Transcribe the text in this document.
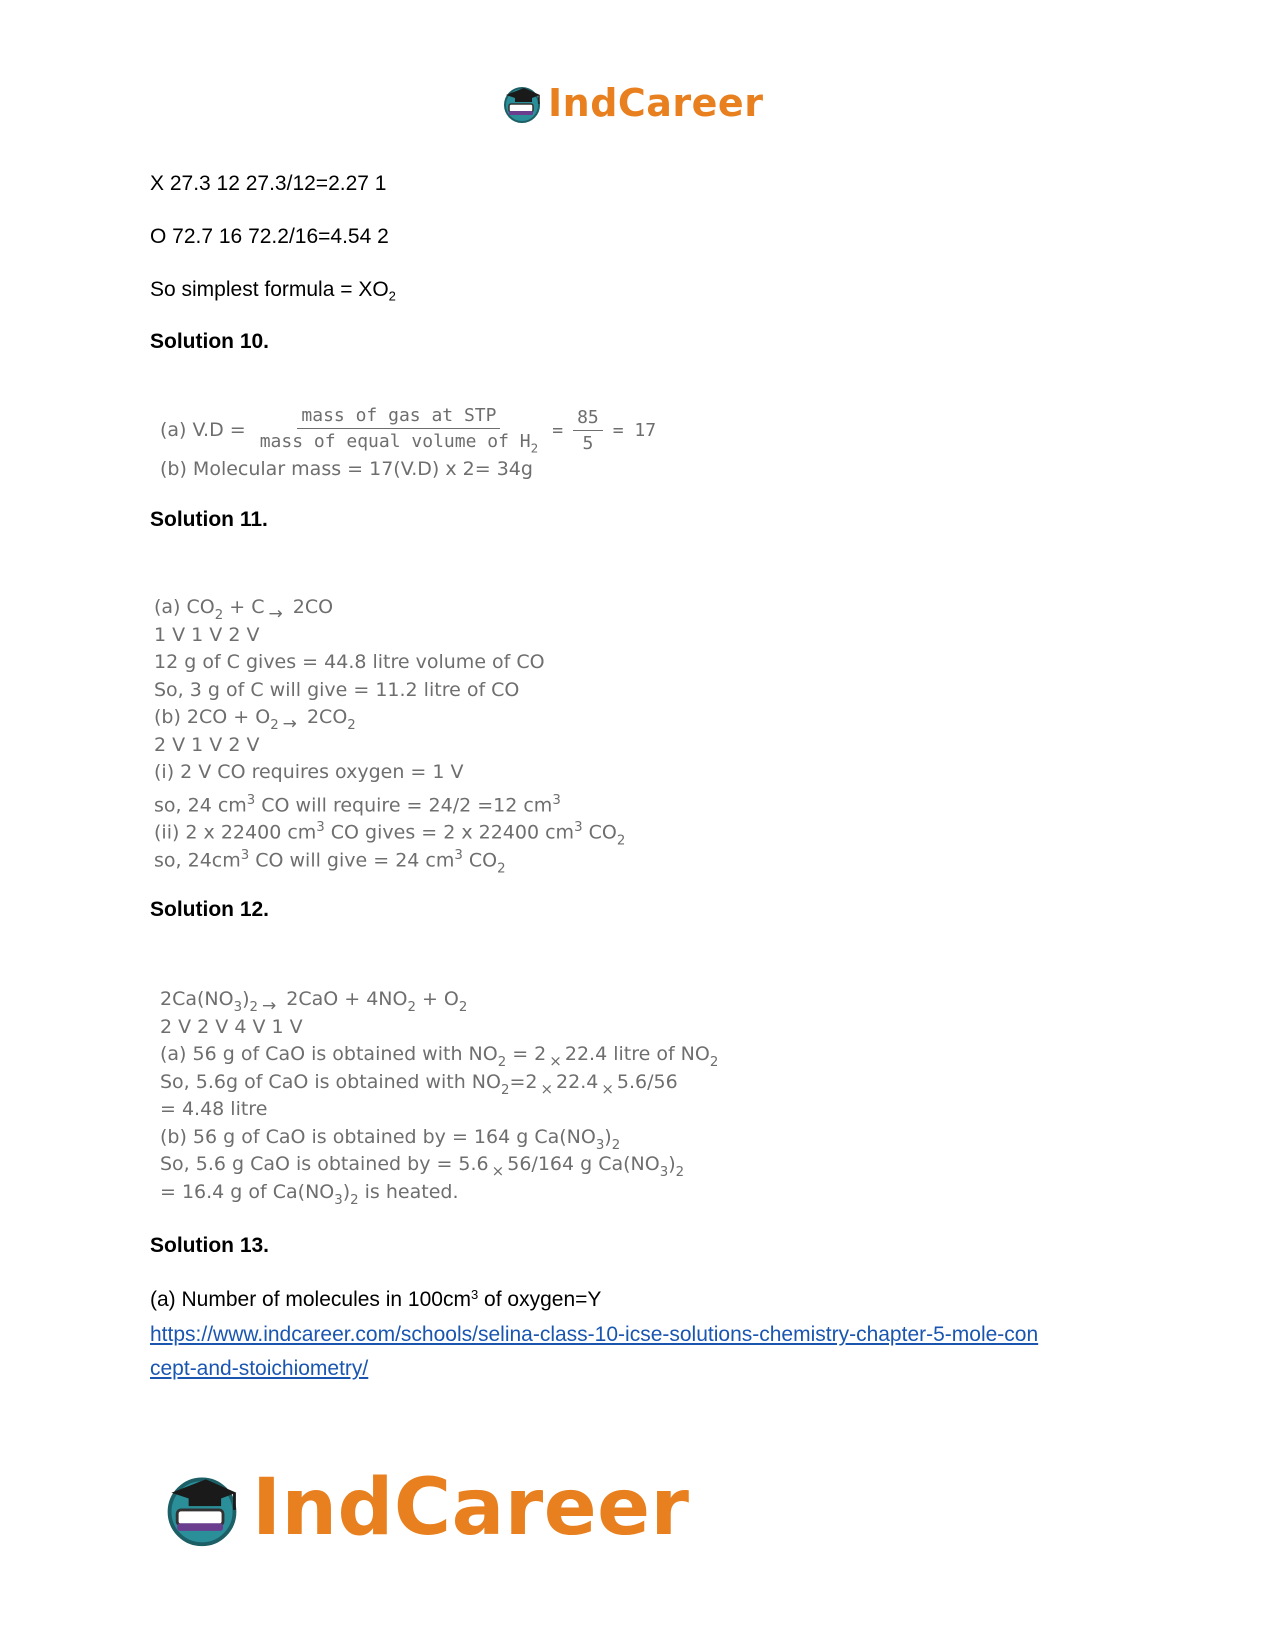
IndCareer
X 27.3 12 27.3/12=2.27 1
O 72.7 16 72.2/16=4.54 2
So simplest formula = $XO_2$
Solution 10.
(a) $V.D = \frac{\text{mass of gas at STP}}{mass of equal volume of H_2} = \frac{85}{5} = 17$
(b) Molecular mass = 17(V.D) x 2= 34g
Solution 11.
(a) $CO_2 + C \to 2CO$
1 V 1 V 2 V
12 g of C gives = 44.8 litre volume of CO
So, 3 g of C will give = 11.2 litre of CO
(b) $2CO + O_2 \to 2CO_2$
2 V 1 V 2 V
(i) 2 V CO requires oxygen = 1 V
so, 24 $cm^3$ CO will require = 24/2 =12 $cm^3$
(ii) 2 x 22400 $cm^3$ CO gives = 2 x 22400 $cm^3$ $CO_2$
so, $24cm^3$ CO will give = 24 $cm^3$ $CO_2$
Solution 12.
$2Ca(NO_3)_2 \to 2CaO + 4NO_2 + O_2$
2 V 2 V 4 V 1 V
(a) 56 g of CaO is obtained with $NO_2 = 2 \times 22.4$ litre of $NO_2$
So, 5.6g of CaO is obtained with $NO_2=2 \times 22.4 \times 5.6/56$
= 4.48 litre
(b) 56 g of CaO is obtained by = 164 g $Ca(NO_3)_2$
So, 5.6 g CaO is obtained by = 5.6 × 56/164 g $Ca(NO_3)_2$
= 16.4 g of $Ca(NO_3)_2$ is heated.
Solution 13.
(a) Number of molecules in $100cm^3$ of oxygen=Y
https://www.indcareer.com/schools/selina-class-10-icse-solutions-chemistry-chapter-5-mole-con
cept-and-stoichiometry/
IndCareer
